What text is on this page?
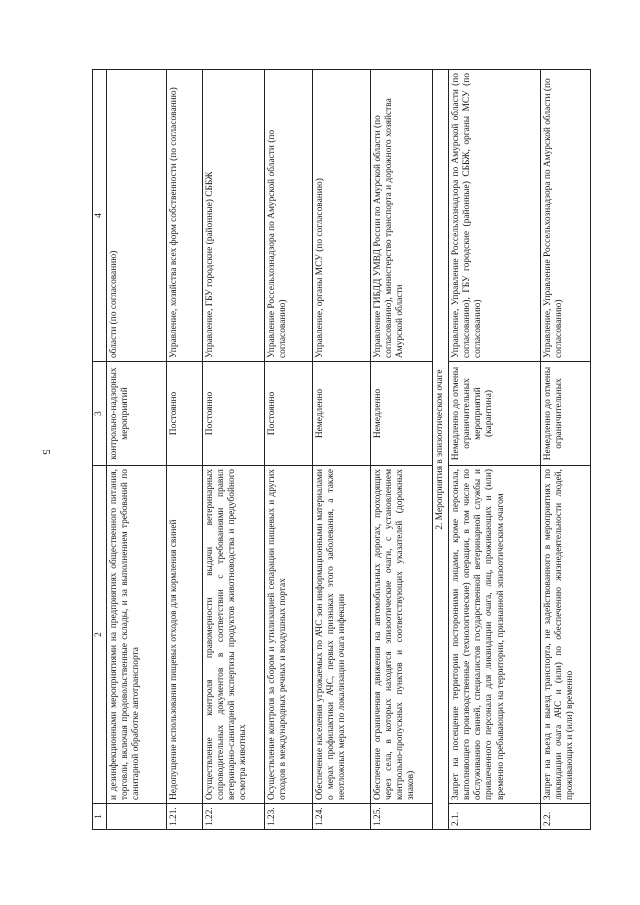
5
1	2	3	4
	и дезинфекционными мероприятиями на предприятиях общественного питания, торговли, включая продовольственные склады, и за выполнением требований по санитарной обработке автотранспорта	контрольно-надзорных мероприятий	области (по согласованию)
1.21.	Недопущение использования пищевых отходов для кормления свиней	Постоянно	Управление, хозяйства всех форм собственности (по согласованию)
1.22.	Осуществление контроля правомерности выдачи ветеринарных сопроводительных документов в соответствии с требованиями правил ветеринарно-санитарной экспертизы продуктов животноводства и предубойного осмотра животных	Постоянно	Управление, ГБУ городские (районные) СББЖ
1.23.	Осуществление контроля за сбором и утилизацией сепарации пищевых и других отходов в международных речных и воздушных портах	Постоянно	Управление Россельхознадзора по Амурской области (по согласованию)
1.24.	Обеспечение населения угрожаемых по АЧС зон информационными материалами о мерах профилактики АЧС, первых признаках этого заболевания, а также неотложных мерах по локализации очага инфекции	Немедленно	Управление, органы МСУ (по согласованию)
1.25.	Обеспечение ограничения движения на автомобильных дорогах, проходящих через села, в которых находятся эпизоотические очаги, с установлением контрольно-пропускных пунктов и соответствующих указателей (дорожных знаков)	Немедленно	Управление ГИБДД УМВД России по Амурской области (по согласованию), министерство транспорта и дорожного хозяйства Амурской области
2. Мероприятия в эпизоотическом очаге			
2.1.	Запрет на посещение территории посторонними лицами, кроме персонала, выполняющего производственные (технологические) операции, в том числе по обслуживанию свиней, специалистов государственной ветеринарной службы и привлеченного персонала для ликвидации очага, лиц, проживающих и (или) временно пребывающих на территории, признанной эпизоотическим очагом	Немедленно до отмены ограничительных мероприятий (карантина)	Управление, Управление Россельхознадзора по Амурской области (по согласованию), ГБУ городские (районные) СББЖ, органы МСУ (по согласованию)
2.2.	Запрет на въезд и выезд транспорта, не задействованного в мероприятиях по ликвидации очага АЧС и (или) по обеспечению жизнедеятельности людей, проживающих и (или) временно	Немедленно до отмены ограничительных	Управление, Управление Россельхознадзора по Амурской области (по согласованию)
